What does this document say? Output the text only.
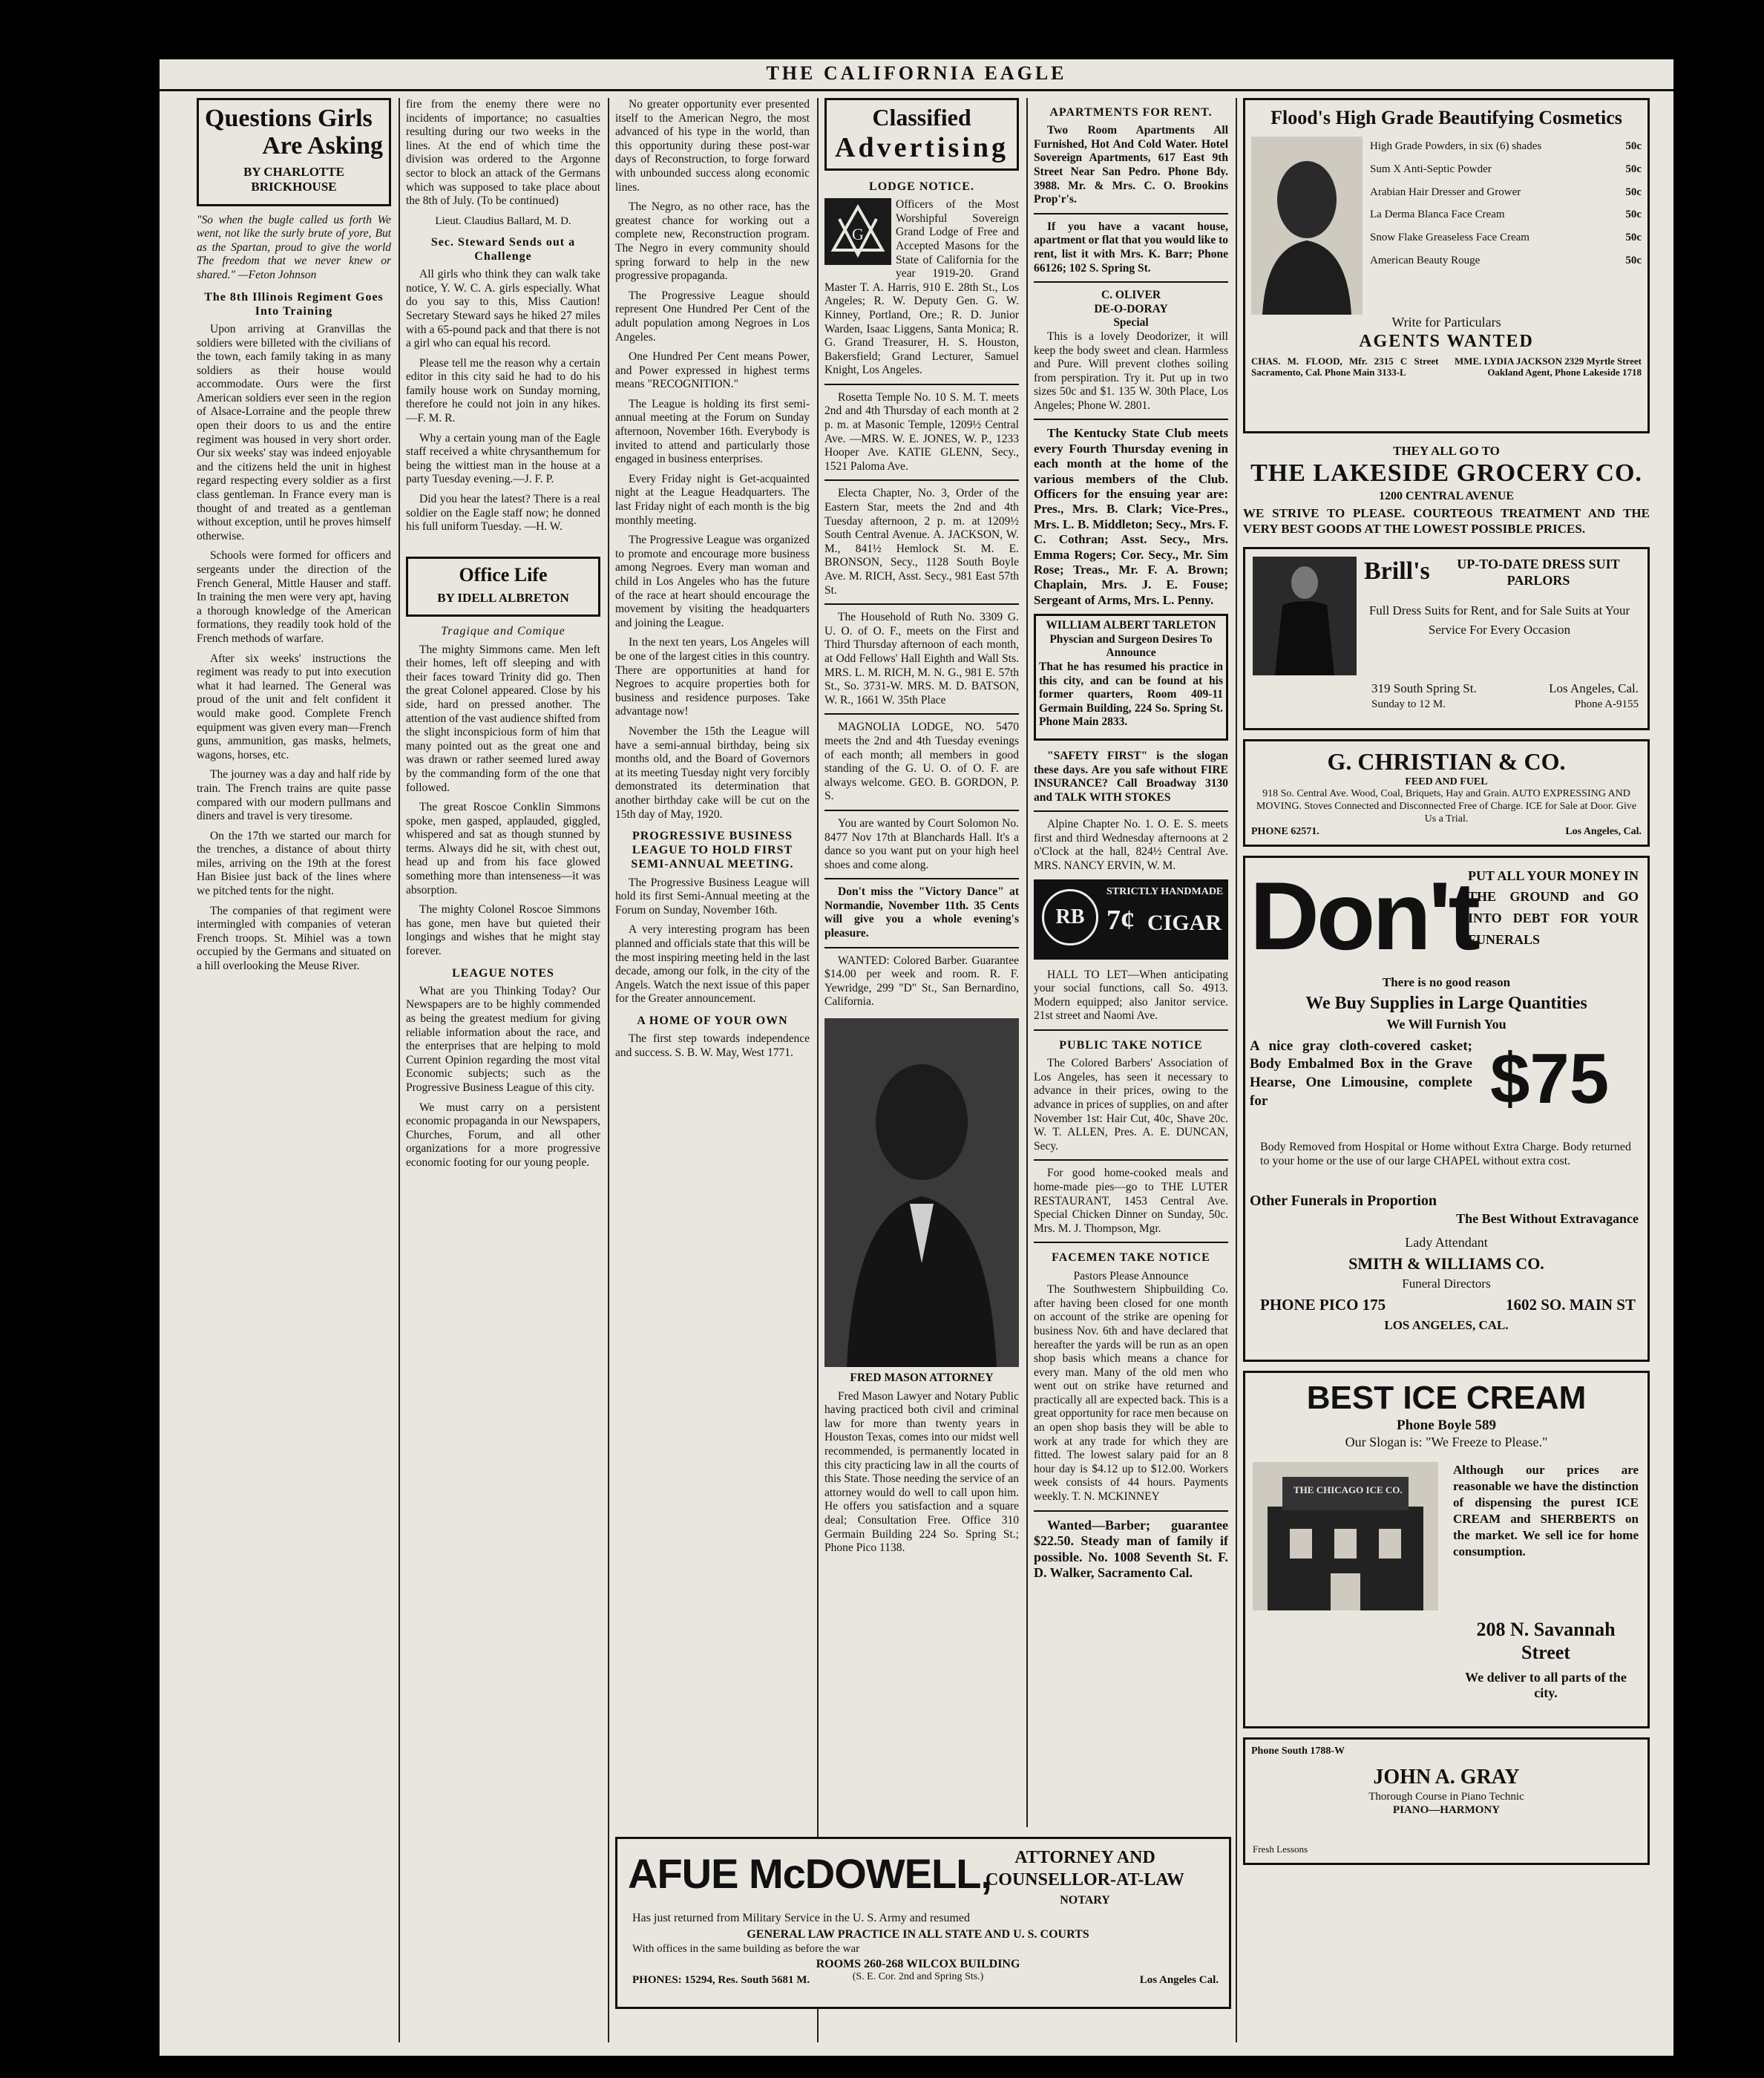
THE CALIFORNIA EAGLE
Questions Girls
Are Asking
BY CHARLOTTE BRICKHOUSE

"So when the bugle called us forth We went, not like the surly brute of yore, But as the Spartan, proud to give the world The freedom that we never knew or shared." —Feton Johnson

The 8th Illinois Regiment Goes Into Training

Upon arriving at Granvillas the soldiers were billeted with the civilians of the town, each family taking in as many soldiers as their house would accommodate. Ours were the first American soldiers ever seen in the region of Alsace-Lorraine and the people threw open their doors to us and the entire regiment was housed in very short order. Our six weeks' stay was indeed enjoyable and the citizens held the unit in highest regard respecting every soldier as a first class gentleman. In France every man is thought of and treated as a gentleman without exception, until he proves himself otherwise.

Schools were formed for officers and sergeants under the direction of the French General, Mittle Hauser and staff. In training the men were very apt, having a thorough knowledge of the American formations, they readily took hold of the French methods of warfare.

After six weeks' instructions the regiment was ready to put into execution what it had learned. The General was proud of the unit and felt confident it would make good. Complete French equipment was given every man—French guns, ammunition, gas masks, helmets, wagons, horses, etc.

The journey was a day and half ride by train. The French trains are quite passe compared with our modern pullmans and diners and travel is very tiresome.

On the 17th we started our march for the trenches, a distance of about thirty miles, arriving on the 19th at the forest Han Bisiee just back of the lines where we pitched tents for the night.

The companies of that regiment were intermingled with companies of veteran French troops. St. Mihiel was a town occupied by the Germans and situated on a hill overlooking the Meuse River.

fire from the enemy there were no incidents of importance; no casualties resulting during our two weeks in the lines. At the end of which time the division was ordered to the Argonne sector to block an attack of the Germans which was supposed to take place about the 8th of July. (To be continued)

Lieut. Claudius Ballard, M. D.
Sec. Steward Sends out a Challenge

All girls who think they can walk take notice, Y. W. C. A. girls especially. What do you say to this, Miss Caution! Secretary Steward says he hiked 27 miles with a 65-pound pack and that there is not a girl who can equal his record.

Please tell me the reason why a certain editor in this city said he had to do his family house work on Sunday morning, therefore he could not join in any hikes. —F. M. R.

Why a certain young man of the Eagle staff received a white chrysanthemum for being the wittiest man in the house at a party Tuesday evening.—J. F. P.

Did you hear the latest? There is a real soldier on the Eagle staff now; he donned his full uniform Tuesday. —H. W.

Office Life
BY IDELL ALBRETON
Tragique and Comique

The mighty Simmons came. Men left their homes, left off sleeping and with their faces toward Trinity did go. Then the great Colonel appeared. Close by his side, hard on pressed another. The attention of the vast audience shifted from the slight inconspicious form of him that many pointed out as the great one and was drawn or rather seemed lured away by the commanding form of the one that followed.

The great Roscoe Conklin Simmons spoke, men gasped, applauded, giggled, whispered and sat as though stunned by terms. Always did he sit, with chest out, head up and from his face glowed something more than intenseness—it was absorption.

The mighty Colonel Roscoe Simmons has gone, men have but quieted their longings and wishes that he might stay forever.

LEAGUE NOTES

What are you Thinking Today? Our Newspapers are to be highly commended as being the greatest medium for giving reliable information about the race, and the enterprises that are helping to mold Current Opinion regarding the most vital Economic subjects; such as the Progressive Business League of this city.

We must carry on a persistent economic propaganda in our Newspapers, Churches, Forum, and all other organizations for a more progressive economic footing for our young people.

No greater opportunity ever presented itself to the American Negro, the most advanced of his type in the world, than this opportunity during these post-war days of Reconstruction, to forge forward with unbounded success along economic lines.

The Negro, as no other race, has the greatest chance for working out a complete new, Reconstruction program. The Negro in every community should spring forward to help in the new progressive propaganda.

The Progressive League should represent One Hundred Per Cent of the adult population among Negroes in Los Angeles.

One Hundred Per Cent means Power, and Power expressed in highest terms means "RECOGNITION."

The League is holding its first semi-annual meeting at the Forum on Sunday afternoon, November 16th. Everybody is invited to attend and particularly those engaged in business enterprises.

Every Friday night is Get-acquainted night at the League Headquarters. The last Friday night of each month is the big monthly meeting.

The Progressive League was organized to promote and encourage more business among Negroes. Every man woman and child in Los Angeles who has the future of the race at heart should encourage the movement by visiting the headquarters and joining the League.

In the next ten years, Los Angeles will be one of the largest cities in this country. There are opportunities at hand for Negroes to acquire properties both for business and residence purposes. Take advantage now!

November the 15th the League will have a semi-annual birthday, being six months old, and the Board of Governors at its meeting Tuesday night very forcibly demonstrated its determination that another birthday cake will be cut on the 15th day of May, 1920.

PROGRESSIVE BUSINESS LEAGUE TO HOLD FIRST SEMI-ANNUAL MEETING.

The Progressive Business League will hold its first Semi-Annual meeting at the Forum on Sunday, November 16th.

A very interesting program has been planned and officials state that this will be the most inspiring meeting held in the last decade, among our folk, in the city of the Angels. Watch the next issue of this paper for the Greater announcement.

A HOME OF YOUR OWN

The first step towards independence and success. S. B. W. May, West 1771.

Classified
Advertising
LODGE NOTICE.
G

Officers of the Most Worshipful Sovereign Grand Lodge of Free and Accepted Masons for the State of California for the year 1919-20. Grand Master T. A. Harris, 910 E. 28th St., Los Angeles; R. W. Deputy Gen. G. W. Kinney, Portland, Ore.; R. D. Junior Warden, Isaac Liggens, Santa Monica; R. G. Grand Treasurer, H. S. Houston, Bakersfield; Grand Lecturer, Samuel Knight, Los Angeles.

Rosetta Temple No. 10 S. M. T. meets 2nd and 4th Thursday of each month at 2 p. m. at Masonic Temple, 1209½ Central Ave. —MRS. W. E. JONES, W. P., 1233 Hooper Ave. KATIE GLENN, Secy., 1521 Paloma Ave.

Electa Chapter, No. 3, Order of the Eastern Star, meets the 2nd and 4th Tuesday afternoon, 2 p. m. at 1209½ South Central Avenue. A. JACKSON, W. M., 841½ Hemlock St. M. E. BRONSON, Secy., 1128 South Boyle Ave. M. RICH, Asst. Secy., 981 East 57th St.

The Household of Ruth No. 3309 G. U. O. of O. F., meets on the First and Third Thursday afternoon of each month, at Odd Fellows' Hall Eighth and Wall Sts. MRS. L. M. RICH, M. N. G., 981 E. 57th St., So. 3731-W. MRS. M. D. BATSON, W. R., 1661 W. 35th Place

MAGNOLIA LODGE, NO. 5470 meets the 2nd and 4th Tuesday evenings of each month; all members in good standing of the G. U. O. of O. F. are always welcome. GEO. B. GORDON, P. S.

You are wanted by Court Solomon No. 8477 Nov 17th at Blanchards Hall. It's a dance so you want put on your high heel shoes and come along.

Don't miss the "Victory Dance" at Normandie, November 11th. 35 Cents will give you a whole evening's pleasure.

WANTED: Colored Barber. Guarantee $14.00 per week and room. R. F. Yewridge, 299 "D" St., San Bernardino, California.

FRED MASON ATTORNEY

Fred Mason Lawyer and Notary Public having practiced both civil and criminal law for more than twenty years in Houston Texas, comes into our midst well recommended, is permanently located in this city practicing law in all the courts of this State. Those needing the service of an attorney would do well to call upon him. He offers you satisfaction and a square deal; Consultation Free. Office 310 Germain Building 224 So. Spring St.; Phone Pico 1138.

APARTMENTS FOR RENT.

Two Room Apartments All Furnished, Hot And Cold Water. Hotel Sovereign Apartments, 617 East 9th Street Near San Pedro. Phone Bdy. 3988. Mr. & Mrs. C. O. Brookins Prop'r's.

If you have a vacant house, apartment or flat that you would like to rent, list it with Mrs. K. Barr; Phone 66126; 102 S. Spring St.

C. OLIVER
DE-O-DORAY
Special

This is a lovely Deodorizer, it will keep the body sweet and clean. Harmless and Pure. Will prevent clothes soiling from perspiration. Try it. Put up in two sizes 50c and $1. 135 W. 30th Place, Los Angeles; Phone W. 2801.

The Kentucky State Club meets every Fourth Thursday evening in each month at the home of the various members of the Club. Officers for the ensuing year are: Pres., Mrs. B. Clark; Vice-Pres., Mrs. L. B. Middleton; Secy., Mrs. F. C. Cothran; Asst. Secy., Mrs. Emma Rogers; Cor. Secy., Mr. Sim Rose; Treas., Mr. F. A. Brown; Chaplain, Mrs. J. E. Fouse; Sergeant of Arms, Mrs. L. Penny.

WILLIAM ALBERT TARLETON
Physcian and Surgeon Desires To Announce

That he has resumed his practice in this city, and can be found at his former quarters, Room 409-11 Germain Building, 224 So. Spring St. Phone Main 2833.

"SAFETY FIRST" is the slogan these days. Are you safe without FIRE INSURANCE? Call Broadway 3130 and TALK WITH STOKES

Alpine Chapter No. 1. O. E. S. meets first and third Wednesday afternoons at 2 o'Clock at the hall, 824½ Central Ave. MRS. NANCY ERVIN, W. M.

RB
STRICTLY HANDMADE
7¢ CIGAR

HALL TO LET—When anticipating your social functions, call So. 4913. Modern equipped; also Janitor service. 21st street and Naomi Ave.

PUBLIC TAKE NOTICE

The Colored Barbers' Association of Los Angeles, has seen it necessary to advance in their prices, owing to the advance in prices of supplies, on and after November 1st: Hair Cut, 40c, Shave 20c. W. T. ALLEN, Pres. A. E. DUNCAN, Secy.

For good home-cooked meals and home-made pies—go to THE LUTER RESTAURANT, 1453 Central Ave. Special Chicken Dinner on Sunday, 50c. Mrs. M. J. Thompson, Mgr.

FACEMEN TAKE NOTICE
Pastors Please Announce

The Southwestern Shipbuilding Co. after having been closed for one month on account of the strike are opening for business Nov. 6th and have declared that hereafter the yards will be run as an open shop basis which means a chance for every man. Many of the old men who went out on strike have returned and practically all are expected back. This is a great opportunity for race men because on an open shop basis they will be able to work at any trade for which they are fitted. The lowest salary paid for an 8 hour day is $4.12 up to $12.00. Workers week consists of 44 hours. Payments weekly. T. N. MCKINNEY

Wanted—Barber; guarantee $22.50. Steady man of family if possible. No. 1008 Seventh St. F. D. Walker, Sacramento Cal.

Flood's High Grade Beautifying Cosmetics
High Grade Powders, in six (6) shades	50c
Sum X Anti-Septic Powder	50c
Arabian Hair Dresser and Grower	50c
La Derma Blanca Face Cream	50c
Snow Flake Greaseless Face Cream	50c
American Beauty Rouge	50c
Write for Particulars
AGENTS WANTED
CHAS. M. FLOOD, Mfr. 2315 C Street Sacramento, Cal. Phone Main 3133-L
MME. LYDIA JACKSON 2329 Myrtle Street Oakland Agent, Phone Lakeside 1718
THEY ALL GO TO
THE LAKESIDE GROCERY CO.
1200 CENTRAL AVENUE
WE STRIVE TO PLEASE. COURTEOUS TREATMENT AND THE VERY BEST GOODS AT THE LOWEST POSSIBLE PRICES.
Brill's	UP-TO-DATE DRESS SUIT PARLORS
Full Dress Suits for Rent, and for Sale Suits at Your Service For Every Occasion
319 South Spring St.	Los Angeles, Cal.
Sunday to 12 M.	Phone A-9155
G. CHRISTIAN & CO.
FEED AND FUEL
918 So. Central Ave. Wood, Coal, Briquets, Hay and Grain. AUTO EXPRESSING AND MOVING. Stoves Connected and Disconnected Free of Charge. ICE for Sale at Door. Give Us a Trial.
PHONE 62571.	Los Angeles, Cal.
Don't
PUT ALL YOUR MONEY IN THE GROUND and GO INTO DEBT FOR YOUR FUNERALS
There is no good reason
We Buy Supplies in Large Quantities
We Will Furnish You
A nice gray cloth-covered casket; Body Embalmed Box in the Grave Hearse, One Limousine, complete for	$75
Body Removed from Hospital or Home without Extra Charge. Body returned to your home or the use of our large CHAPEL without extra cost.
Other Funerals in Proportion
The Best Without Extravagance
Lady Attendant
SMITH & WILLIAMS CO.
Funeral Directors
PHONE PICO 175	1602 SO. MAIN ST
LOS ANGELES, CAL.
BEST ICE CREAM
Phone Boyle 589
Our Slogan is: "We Freeze to Please."
THE CHICAGO ICE CO.
Although our prices are reasonable we have the distinction of dispensing the purest ICE CREAM and SHERBERTS on the market. We sell ice for home consumption.
208 N. Savannah Street
We deliver to all parts of the city.
Phone South 1788-W
JOHN A. GRAY
Thorough Course in Piano Technic
PIANO—HARMONY
Fresh Lessons
AFUE McDOWELL,	ATTORNEY AND
COUNSELLOR-AT-LAW
NOTARY
Has just returned from Military Service in the U. S. Army and resumed
GENERAL LAW PRACTICE IN ALL STATE AND U. S. COURTS
With offices in the same building as before the war
ROOMS 260-268 WILCOX BUILDING
(S. E. Cor. 2nd and Spring Sts.)
PHONES: 15294, Res. South 5681 M.	Los Angeles Cal.
